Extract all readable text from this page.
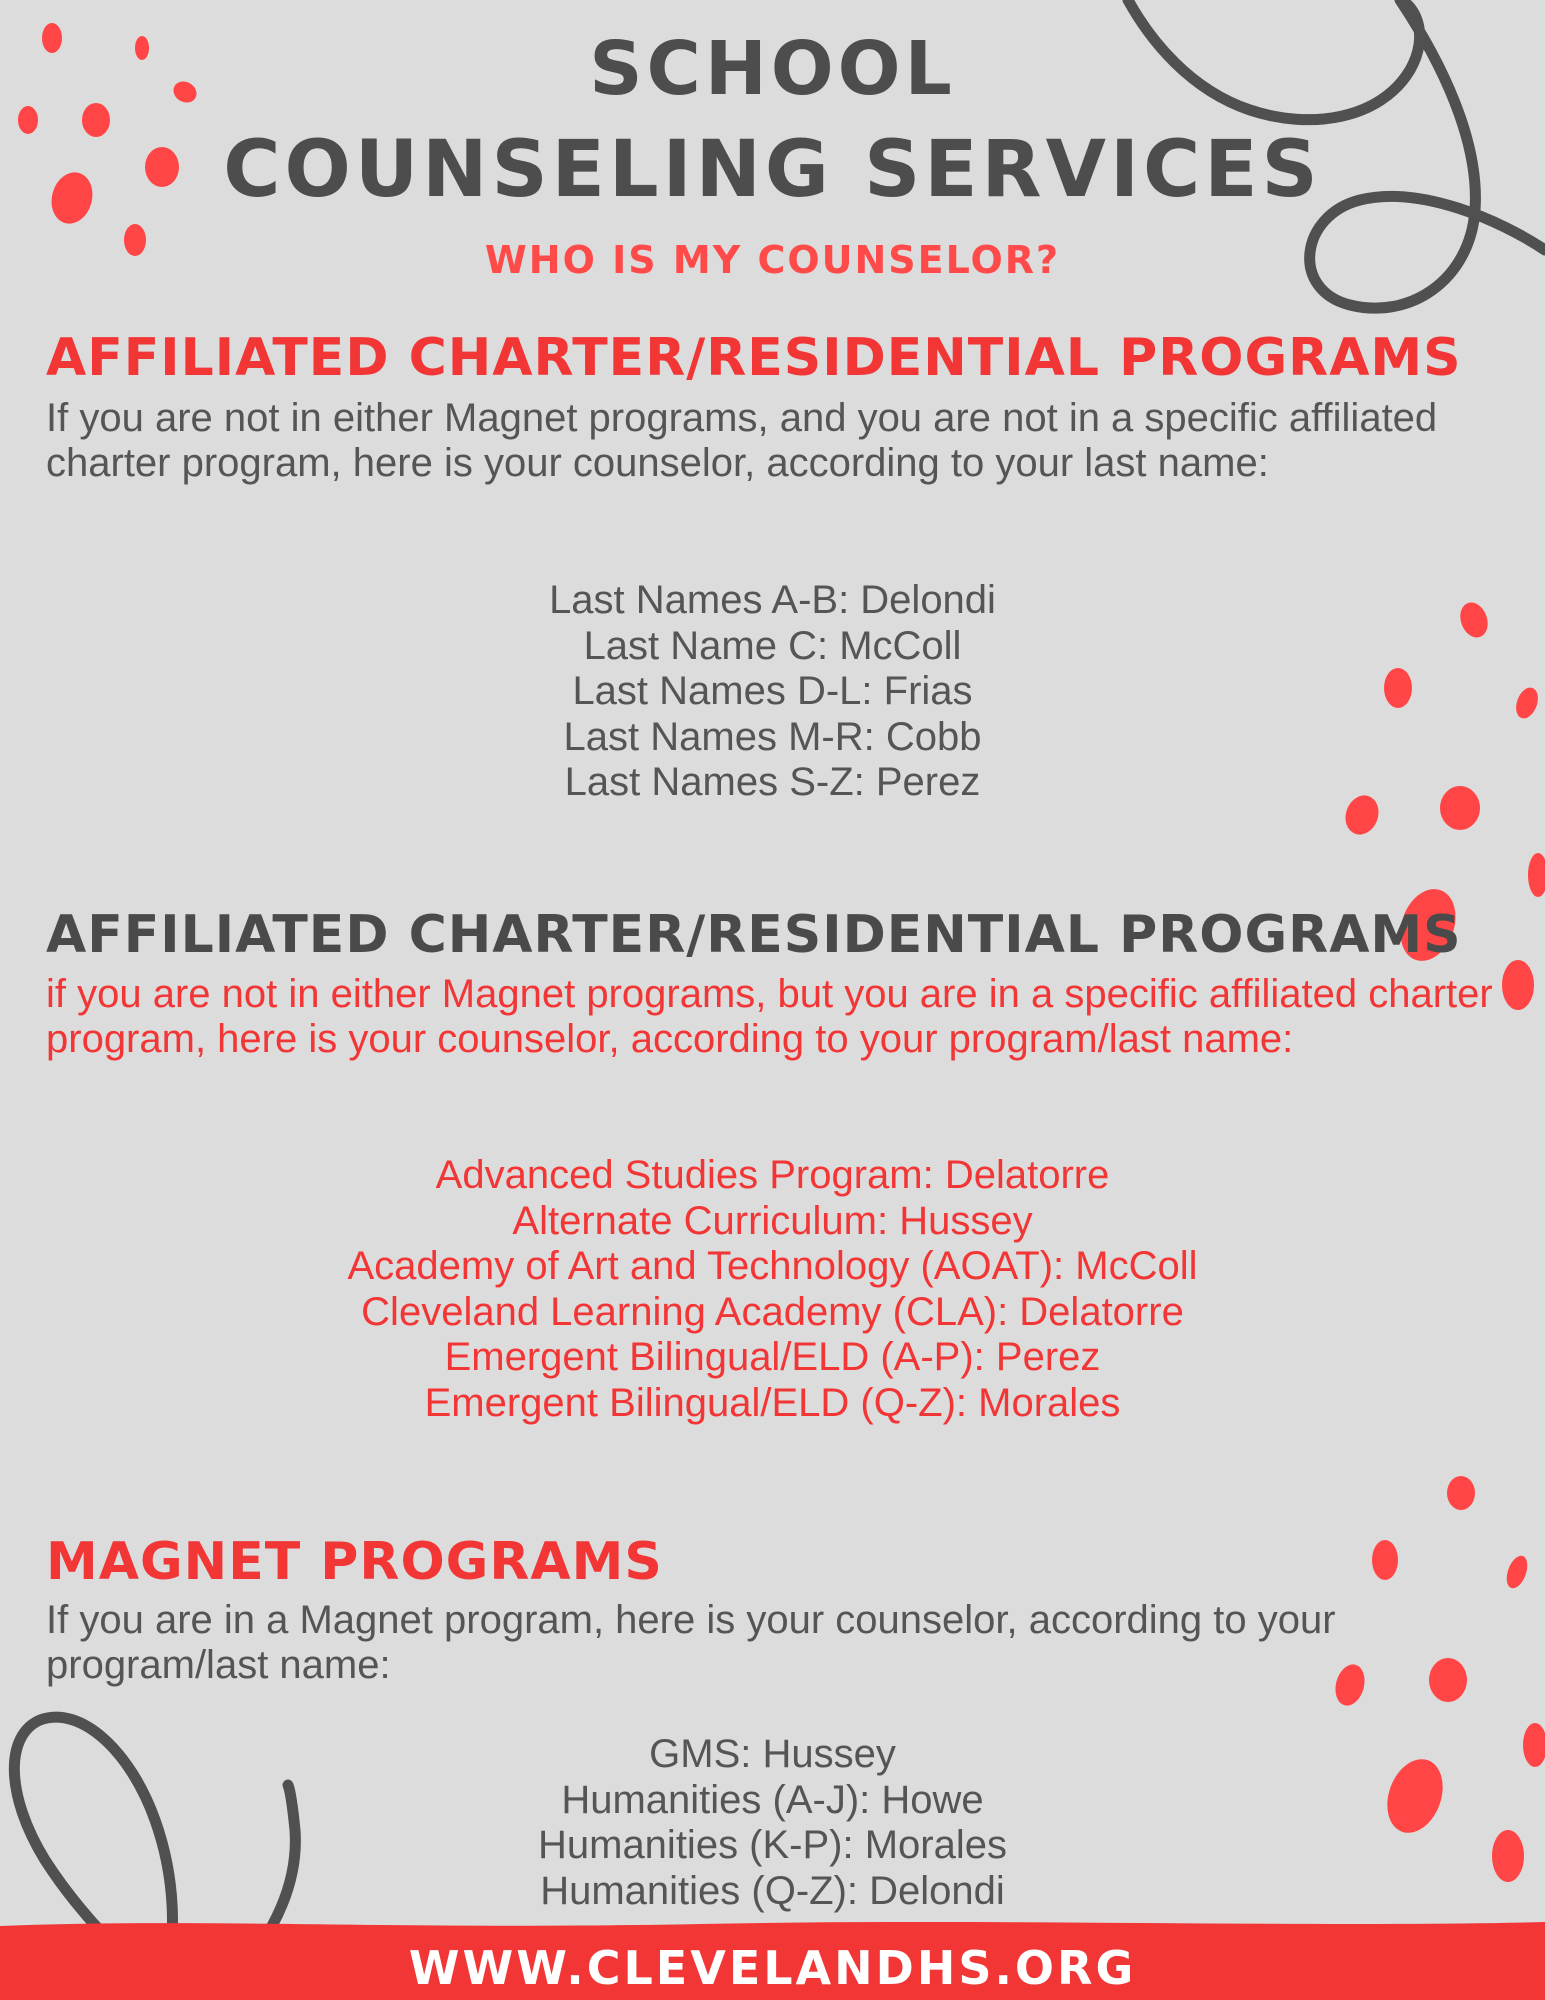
SCHOOL
COUNSELING SERVICES
WHO IS MY COUNSELOR?
AFFILIATED CHARTER/RESIDENTIAL PROGRAMS
If you are not in either Magnet programs, and you are not in a specific affiliated charter program, here is your counselor, according to your last name:
Last Names A-B: Delondi
Last Name C: McColl
Last Names D-L: Frias
Last Names M-R: Cobb
Last Names S-Z: Perez
AFFILIATED CHARTER/RESIDENTIAL PROGRAMS
if you are not in either Magnet programs, but you are in a specific affiliated charter program, here is your counselor, according to your program/last name:
Advanced Studies Program: Delatorre
Alternate Curriculum: Hussey
Academy of Art and Technology (AOAT): McColl
Cleveland Learning Academy (CLA): Delatorre
Emergent Bilingual/ELD (A-P): Perez
Emergent Bilingual/ELD (Q-Z): Morales
MAGNET PROGRAMS
If you are in a Magnet program, here is your counselor, according to your program/last name:
GMS: Hussey
Humanities (A-J): Howe
Humanities (K-P): Morales
Humanities (Q-Z): Delondi
WWW.CLEVELANDHS.ORG
